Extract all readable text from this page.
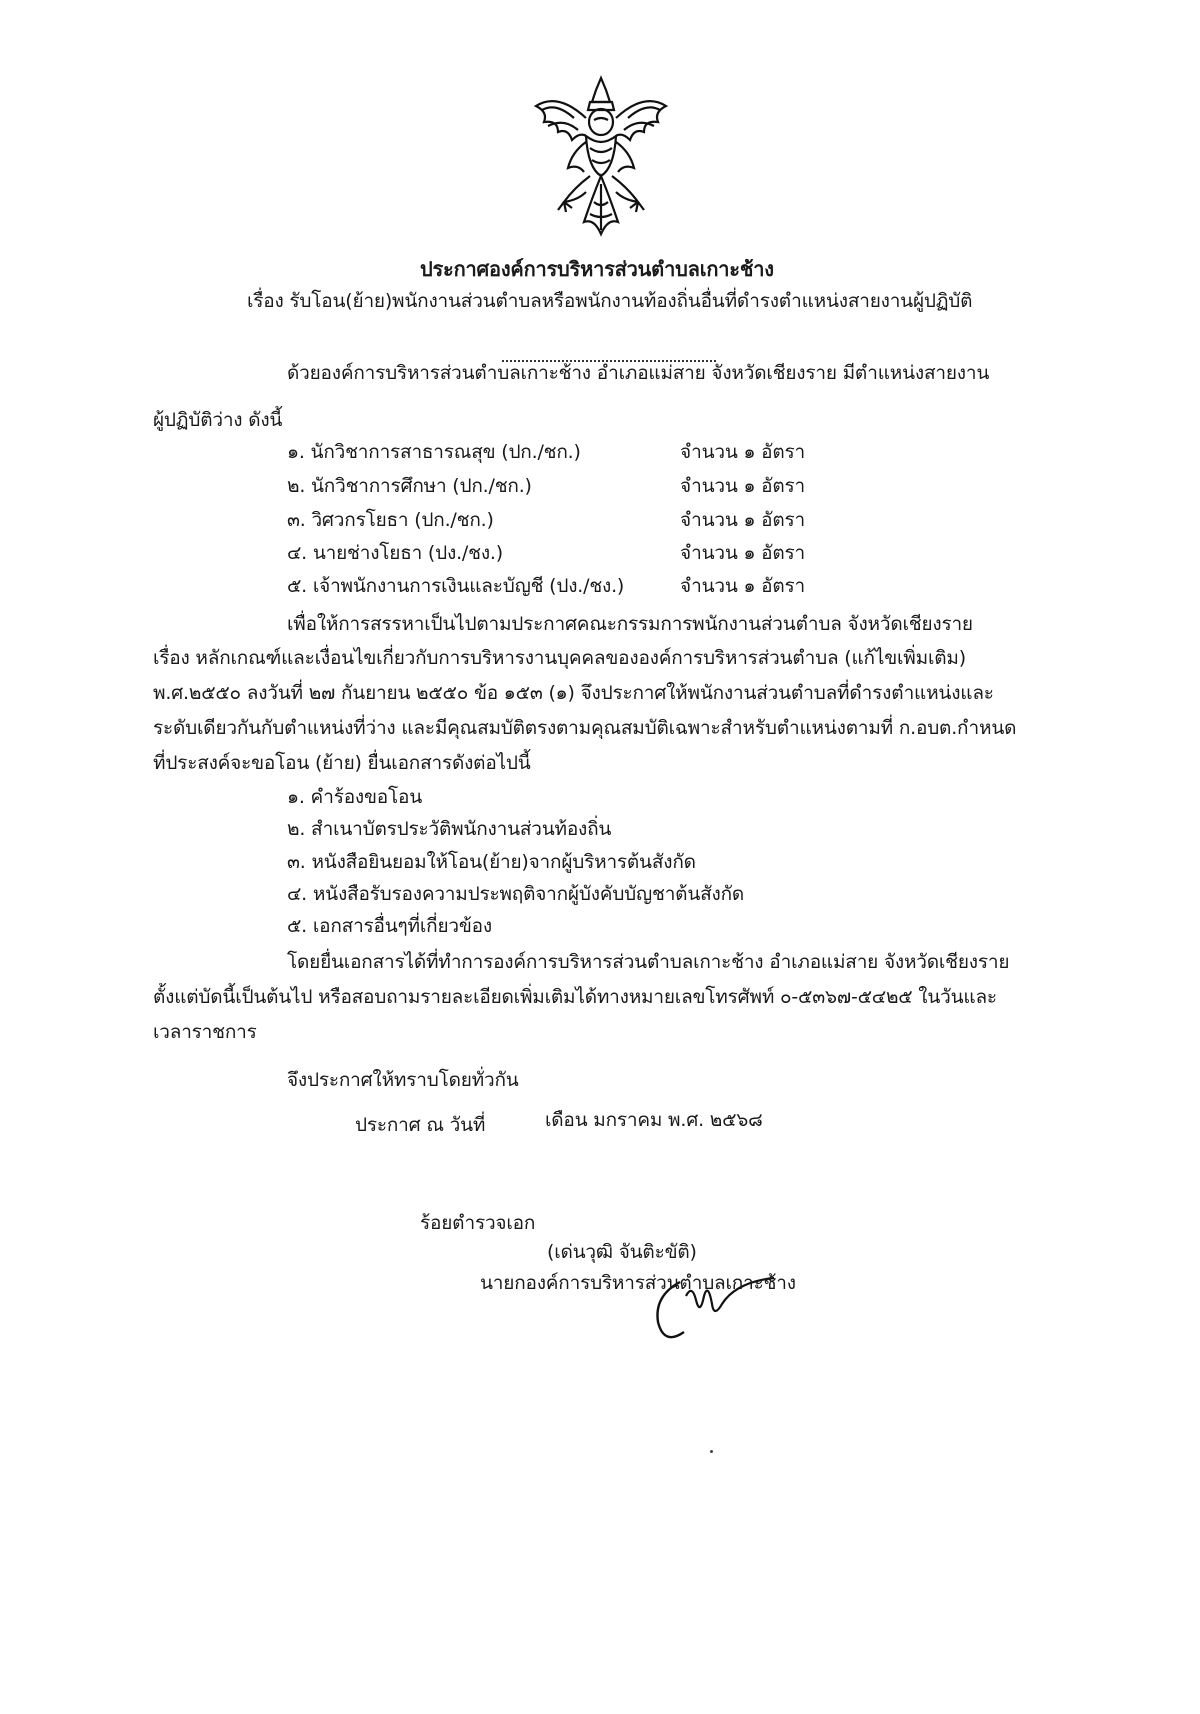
ประกาศองค์การบริหารส่วนตำบลเกาะช้าง
เรื่อง รับโอน(ย้าย)พนักงานส่วนตำบลหรือพนักงานท้องถิ่นอื่นที่ดำรงตำแหน่งสายงานผู้ปฏิบัติ
ด้วยองค์การบริหารส่วนตำบลเกาะช้าง อำเภอแม่สาย จังหวัดเชียงราย มีตำแหน่งสายงาน
ผู้ปฏิบัติว่าง ดังนี้
๑. นักวิชาการสาธารณสุข (ปก./ชก.)	จำนวน ๑ อัตรา
๒. นักวิชาการศึกษา (ปก./ชก.)	จำนวน ๑ อัตรา
๓. วิศวกรโยธา (ปก./ชก.)	จำนวน ๑ อัตรา
๔. นายช่างโยธา (ปง./ชง.)	จำนวน ๑ อัตรา
๕. เจ้าพนักงานการเงินและบัญชี (ปง./ชง.)	จำนวน ๑ อัตรา
เพื่อให้การสรรหาเป็นไปตามประกาศคณะกรรมการพนักงานส่วนตำบล จังหวัดเชียงราย
เรื่อง หลักเกณฑ์และเงื่อนไขเกี่ยวกับการบริหารงานบุคคลขององค์การบริหารส่วนตำบล (แก้ไขเพิ่มเติม)
พ.ศ.๒๕๕๐ ลงวันที่ ๒๗ กันยายน ๒๕๕๐ ข้อ ๑๕๓ (๑) จึงประกาศให้พนักงานส่วนตำบลที่ดำรงตำแหน่งและ
ระดับเดียวกันกับตำแหน่งที่ว่าง และมีคุณสมบัติตรงตามคุณสมบัติเฉพาะสำหรับตำแหน่งตามที่ ก.อบต.กำหนด
ที่ประสงค์จะขอโอน (ย้าย) ยื่นเอกสารดังต่อไปนี้
๑. คำร้องขอโอน
๒. สำเนาบัตรประวัติพนักงานส่วนท้องถิ่น
๓. หนังสือยินยอมให้โอน(ย้าย)จากผู้บริหารต้นสังกัด
๔. หนังสือรับรองความประพฤติจากผู้บังคับบัญชาต้นสังกัด
๕. เอกสารอื่นๆที่เกี่ยวข้อง
โดยยื่นเอกสารได้ที่ทำการองค์การบริหารส่วนตำบลเกาะช้าง อำเภอแม่สาย จังหวัดเชียงราย
ตั้งแต่บัดนี้เป็นต้นไป หรือสอบถามรายละเอียดเพิ่มเติมได้ทางหมายเลขโทรศัพท์ ๐-๕๓๖๗-๕๔๒๕ ในวันและ
เวลาราชการ
จึงประกาศให้ทราบโดยทั่วกัน
ประกาศ ณ วันที่	เดือน มกราคม พ.ศ. ๒๕๖๘
ร้อยตำรวจเอก
(เด่นวุฒิ จันติะขัติ)
นายกองค์การบริหารส่วนตำบลเกาะช้าง
